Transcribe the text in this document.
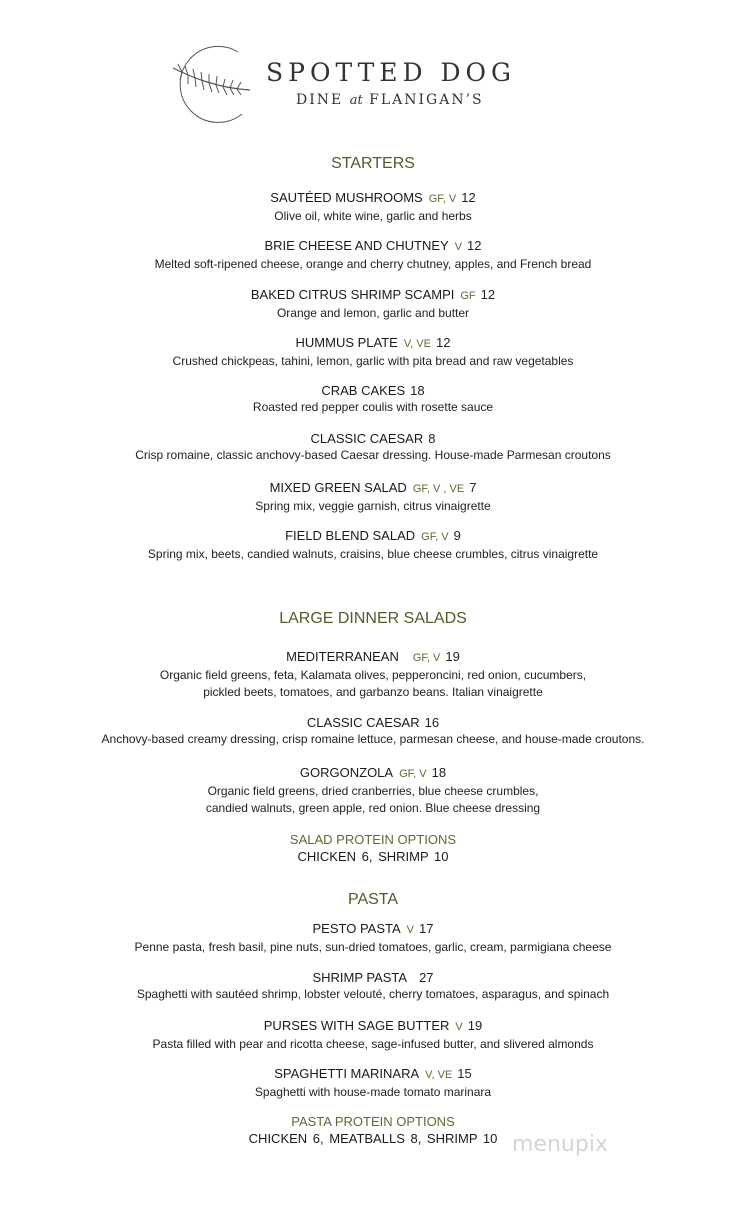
SPOTTED DOG
DINE at FLANIGAN’S
STARTERS
SAUTÉED MUSHROOMS GF, V 12
Olive oil, white wine, garlic and herbs
BRIE CHEESE AND CHUTNEY V 12
Melted soft-ripened cheese, orange and cherry chutney, apples, and French bread
BAKED CITRUS SHRIMP SCAMPI GF 12
Orange and lemon, garlic and butter
HUMMUS PLATE V, VE 12
Crushed chickpeas, tahini, lemon, garlic with pita bread and raw vegetables
CRAB CAKES 18
Roasted red pepper coulis with rosette sauce
CLASSIC CAESAR 8
Crisp romaine, classic anchovy-based Caesar dressing. House-made Parmesan croutons
MIXED GREEN SALAD GF, V , VE 7
Spring mix, veggie garnish, citrus vinaigrette
FIELD BLEND SALAD GF, V 9
Spring mix, beets, candied walnuts, craisins, blue cheese crumbles, citrus vinaigrette
LARGE DINNER SALADS
MEDITERRANEAN GF, V 19
Organic field greens, feta, Kalamata olives, pepperoncini, red onion, cucumbers,
pickled beets, tomatoes, and garbanzo beans. Italian vinaigrette
CLASSIC CAESAR 16
Anchovy-based creamy dressing, crisp romaine lettuce, parmesan cheese, and house-made croutons.
GORGONZOLA GF, V 18
Organic field greens, dried cranberries, blue cheese crumbles,
candied walnuts, green apple, red onion. Blue cheese dressing
SALAD PROTEIN OPTIONS
CHICKEN 6, SHRIMP 10
PASTA
PESTO PASTA V 17
Penne pasta, fresh basil, pine nuts, sun-dried tomatoes, garlic, cream, parmigiana cheese
SHRIMP PASTA 27
Spaghetti with sautéed shrimp, lobster velouté, cherry tomatoes, asparagus, and spinach
PURSES WITH SAGE BUTTER V 19
Pasta filled with pear and ricotta cheese, sage-infused butter, and slivered almonds
SPAGHETTI MARINARA V, VE 15
Spaghetti with house-made tomato marinara
PASTA PROTEIN OPTIONS
CHICKEN 6, MEATBALLS 8, SHRIMP 10 menupix
